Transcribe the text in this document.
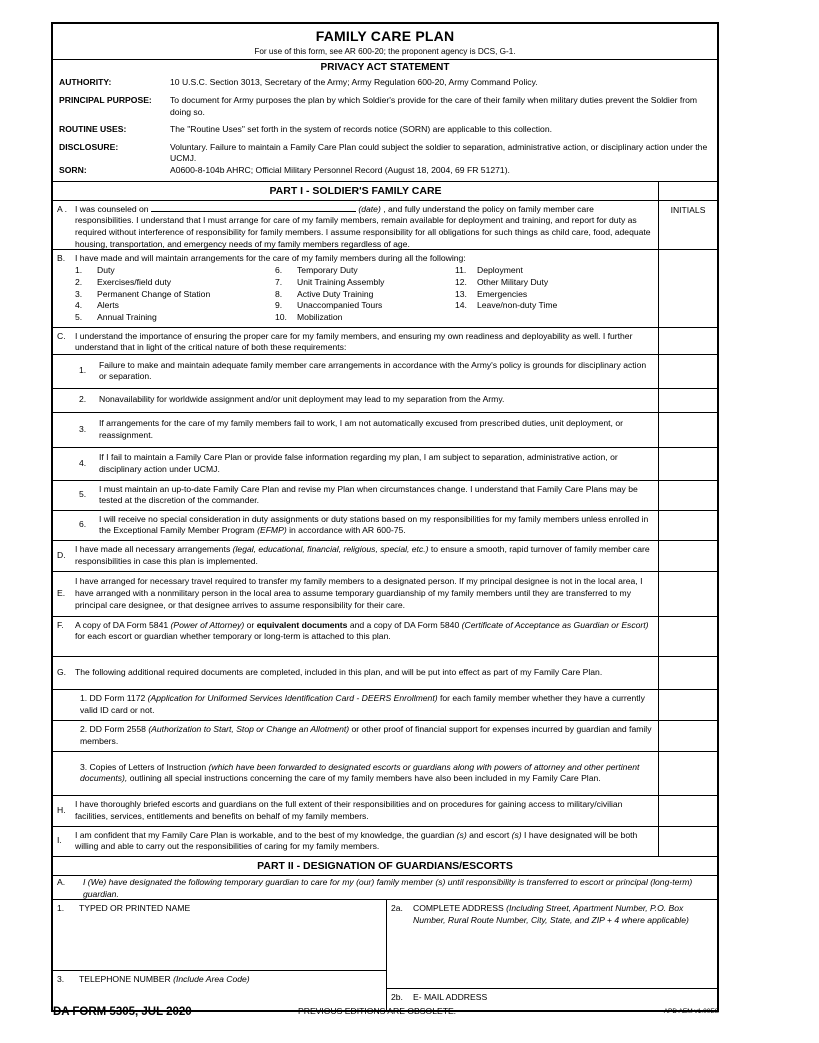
FAMILY CARE PLAN
For use of this form, see AR 600-20; the proponent agency is DCS, G-1.
PRIVACY ACT STATEMENT
AUTHORITY:	10 U.S.C. Section 3013, Secretary of the Army; Army Regulation 600-20, Army Command Policy.
PRINCIPAL PURPOSE:	To document for Army purposes the plan by which Soldier's provide for the care of their family when military duties prevent the Soldier from doing so.
ROUTINE USES:	The "Routine Uses" set forth in the system of records notice (SORN) are applicable to this collection.
DISCLOSURE:	Voluntary. Failure to maintain a Family Care Plan could subject the soldier to separation, administrative action, or disciplinary action under the UCMJ.
SORN:	A0600-8-104b AHRC; Official Military Personnel Record (August 18, 2004, 69 FR 51271).
PART I - SOLDIER'S FAMILY CARE
A . I was counseled on	(date) , and fully understand the policy on family member care responsibilities. I understand that I must arrange for care of my family members, remain available for deployment and training, and report for duty as required without interference of responsibility for family members. I assume responsibility for all obligations for such things as child care, food, adequate housing, transportation, and emergency needs of my family members regardless of age.
INITIALS
B.	I have made and will maintain arrangements for the care of my family members during all the following:
1.	Duty
2.	Exercises/field duty
3.	Permanent Change of Station
4.	Alerts
5.	Annual Training
6.	Temporary Duty
7.	Unit Training Assembly
8.	Active Duty Training
9.	Unaccompanied Tours
10.	Mobilization
11.	Deployment
12.	Other Military Duty
13.	Emergencies
14.	Leave/non-duty Time
C.	I understand the importance of ensuring the proper care for my family members, and ensuring my own readiness and deployability as well. I further understand that in light of the critical nature of both these requirements:
1.
Failure to make and maintain adequate family member care arrangements in accordance with the Army's policy is grounds for disciplinary action or separation.
2.	Nonavailability for worldwide assignment and/or unit deployment may lead to my separation from the Army.
3.
If arrangements for the care of my family members fail to work, I am not automatically excused from prescribed duties, unit deployment, or reassignment.
4.
If I fail to maintain a Family Care Plan or provide false information regarding my plan, I am subject to separation, administrative action, or disciplinary action under UCMJ.
5.
I must maintain an up-to-date Family Care Plan and revise my Plan when circumstances change. I understand that Family Care Plans may be tested at the discretion of the commander.
6.
I will receive no special consideration in duty assignments or duty stations based on my responsibilities for my family members unless enrolled in the Exceptional Family Member Program (EFMP) in accordance with AR 600-75.
D.
I have made all necessary arrangements (legal, educational, financial, religious, special, etc.) to ensure a smooth, rapid turnover of family member care responsibilities in case this plan is implemented.
E.
I have arranged for necessary travel required to transfer my family members to a designated person. If my principal designee is not in the local area, I have arranged with a nonmilitary person in the local area to assume temporary guardianship of my family members until they are transferred to my principal care designee, or that designee arrives to assume responsibility for their care.
F.	A copy of DA Form 5841 (Power of Attorney) or equivalent documents and a copy of DA Form 5840 (Certificate of Acceptance as Guardian or Escort) for each escort or guardian whether temporary or long-term is attached to this plan.
G.	The following additional required documents are completed, included in this plan, and will be put into effect as part of my Family Care Plan.
1. DD Form 1172 (Application for Uniformed Services Identification Card - DEERS Enrollment) for each family member whether they have a currently valid ID card or not.
2. DD Form 2558 (Authorization to Start, Stop or Change an Allotment) or other proof of financial support for expenses incurred by guardian and family members.
3. Copies of Letters of Instruction (which have been forwarded to designated escorts or guardians along with powers of attorney and other pertinent documents), outlining all special instructions concerning the care of my family members have also been included in my Family Care Plan.
H.
I have thoroughly briefed escorts and guardians on the full extent of their responsibilities and on procedures for gaining access to military/civilian facilities, services, entitlements and benefits on behalf of my family members.
I.
I am confident that my Family Care Plan is workable, and to the best of my knowledge, the guardian (s) and escort (s) I have designated will be both willing and able to carry out the responsibilities of caring for my family members.
PART II - DESIGNATION OF GUARDIANS/ESCORTS
A.	I (We) have designated the following temporary guardian to care for my (our) family member (s) until responsibility is transferred to escort or principal (long-term) guardian.
1.	TYPED OR PRINTED NAME
3.	TELEPHONE NUMBER (Include Area Code)
2a.	COMPLETE ADDRESS (Including Street, Apartment Number, P.O. Box Number, Rural Route Number, City, State, and ZIP + 4 where applicable)
2b.	E- MAIL ADDRESS
DA FORM 5305, JUL 2020	PREVIOUS EDITIONS ARE OBSOLETE.	APD AEM v1.00ES
